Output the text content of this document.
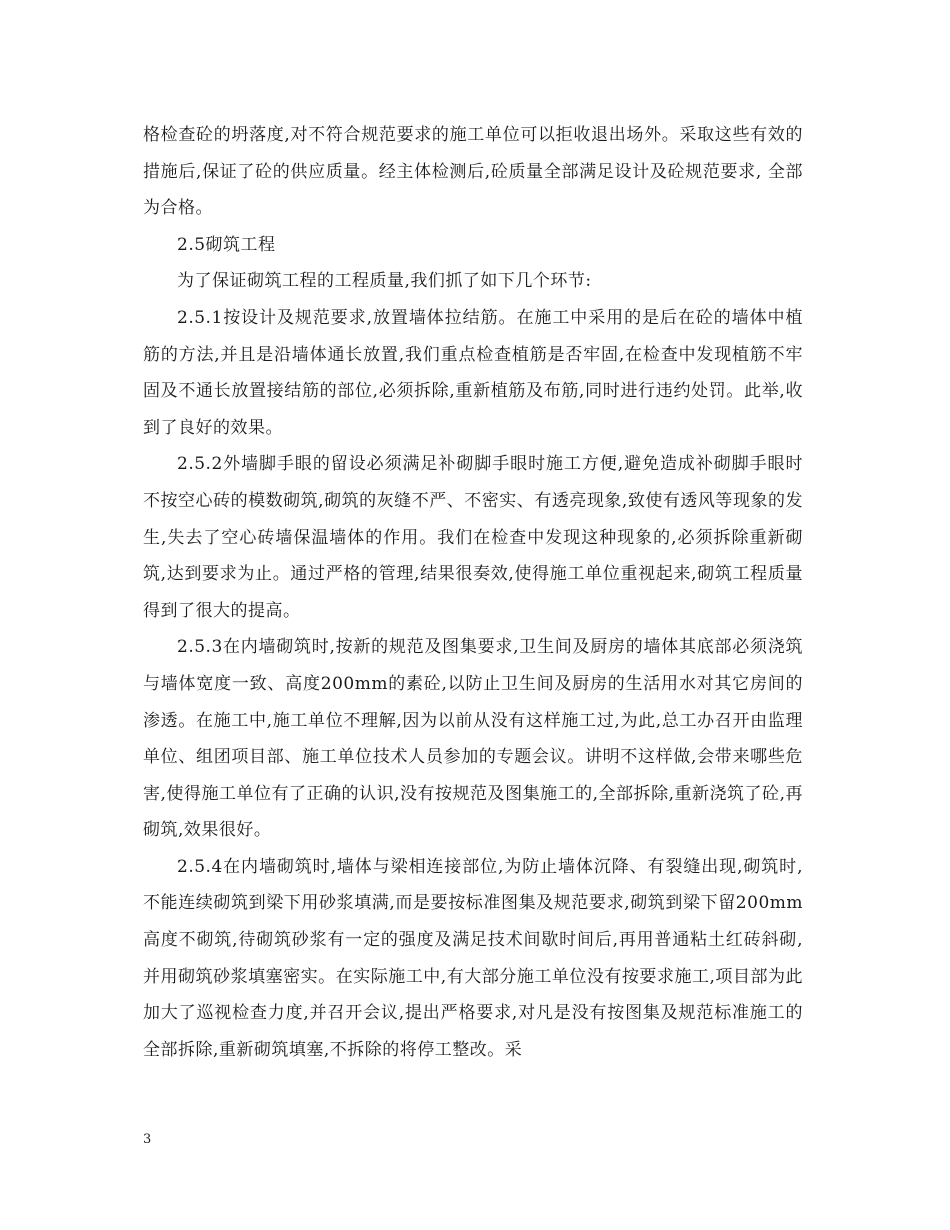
格检查砼的坍落度,对不符合规范要求的施工单位可以拒收退出场外。采取这些有效的措施后,保证了砼的供应质量。经主体检测后,砼质量全部满足设计及砼规范要求, 全部为合格。

2.5砌筑工程

为了保证砌筑工程的工程质量,我们抓了如下几个环节:

2.5.1按设计及规范要求,放置墙体拉结筋。在施工中采用的是后在砼的墙体中植筋的方法,并且是沿墙体通长放置,我们重点检查植筋是否牢固,在检查中发现植筋不牢固及不通长放置接结筋的部位,必须拆除,重新植筋及布筋,同时进行违约处罚。此举,收到了良好的效果。

2.5.2外墙脚手眼的留设必须满足补砌脚手眼时施工方便,避免造成补砌脚手眼时不按空心砖的模数砌筑,砌筑的灰缝不严、不密实、有透亮现象,致使有透风等现象的发生,失去了空心砖墙保温墙体的作用。我们在检查中发现这种现象的,必须拆除重新砌筑,达到要求为止。通过严格的管理,结果很奏效,使得施工单位重视起来,砌筑工程质量得到了很大的提高。

2.5.3在内墙砌筑时,按新的规范及图集要求,卫生间及厨房的墙体其底部必须浇筑与墙体宽度一致、高度200mm的素砼,以防止卫生间及厨房的生活用水对其它房间的渗透。在施工中,施工单位不理解,因为以前从没有这样施工过,为此,总工办召开由监理单位、组团项目部、施工单位技术人员参加的专题会议。讲明不这样做,会带来哪些危害,使得施工单位有了正确的认识,没有按规范及图集施工的,全部拆除,重新浇筑了砼,再砌筑,效果很好。

2.5.4在内墙砌筑时,墙体与梁相连接部位,为防止墙体沉降、有裂缝出现,砌筑时,不能连续砌筑到梁下用砂浆填满,而是要按标准图集及规范要求,砌筑到梁下留200mm高度不砌筑,待砌筑砂浆有一定的强度及满足技术间歇时间后,再用普通粘土红砖斜砌,并用砌筑砂浆填塞密实。在实际施工中,有大部分施工单位没有按要求施工,项目部为此加大了巡视检查力度,并召开会议,提出严格要求,对凡是没有按图集及规范标准施工的全部拆除,重新砌筑填塞,不拆除的将停工整改。采

3
